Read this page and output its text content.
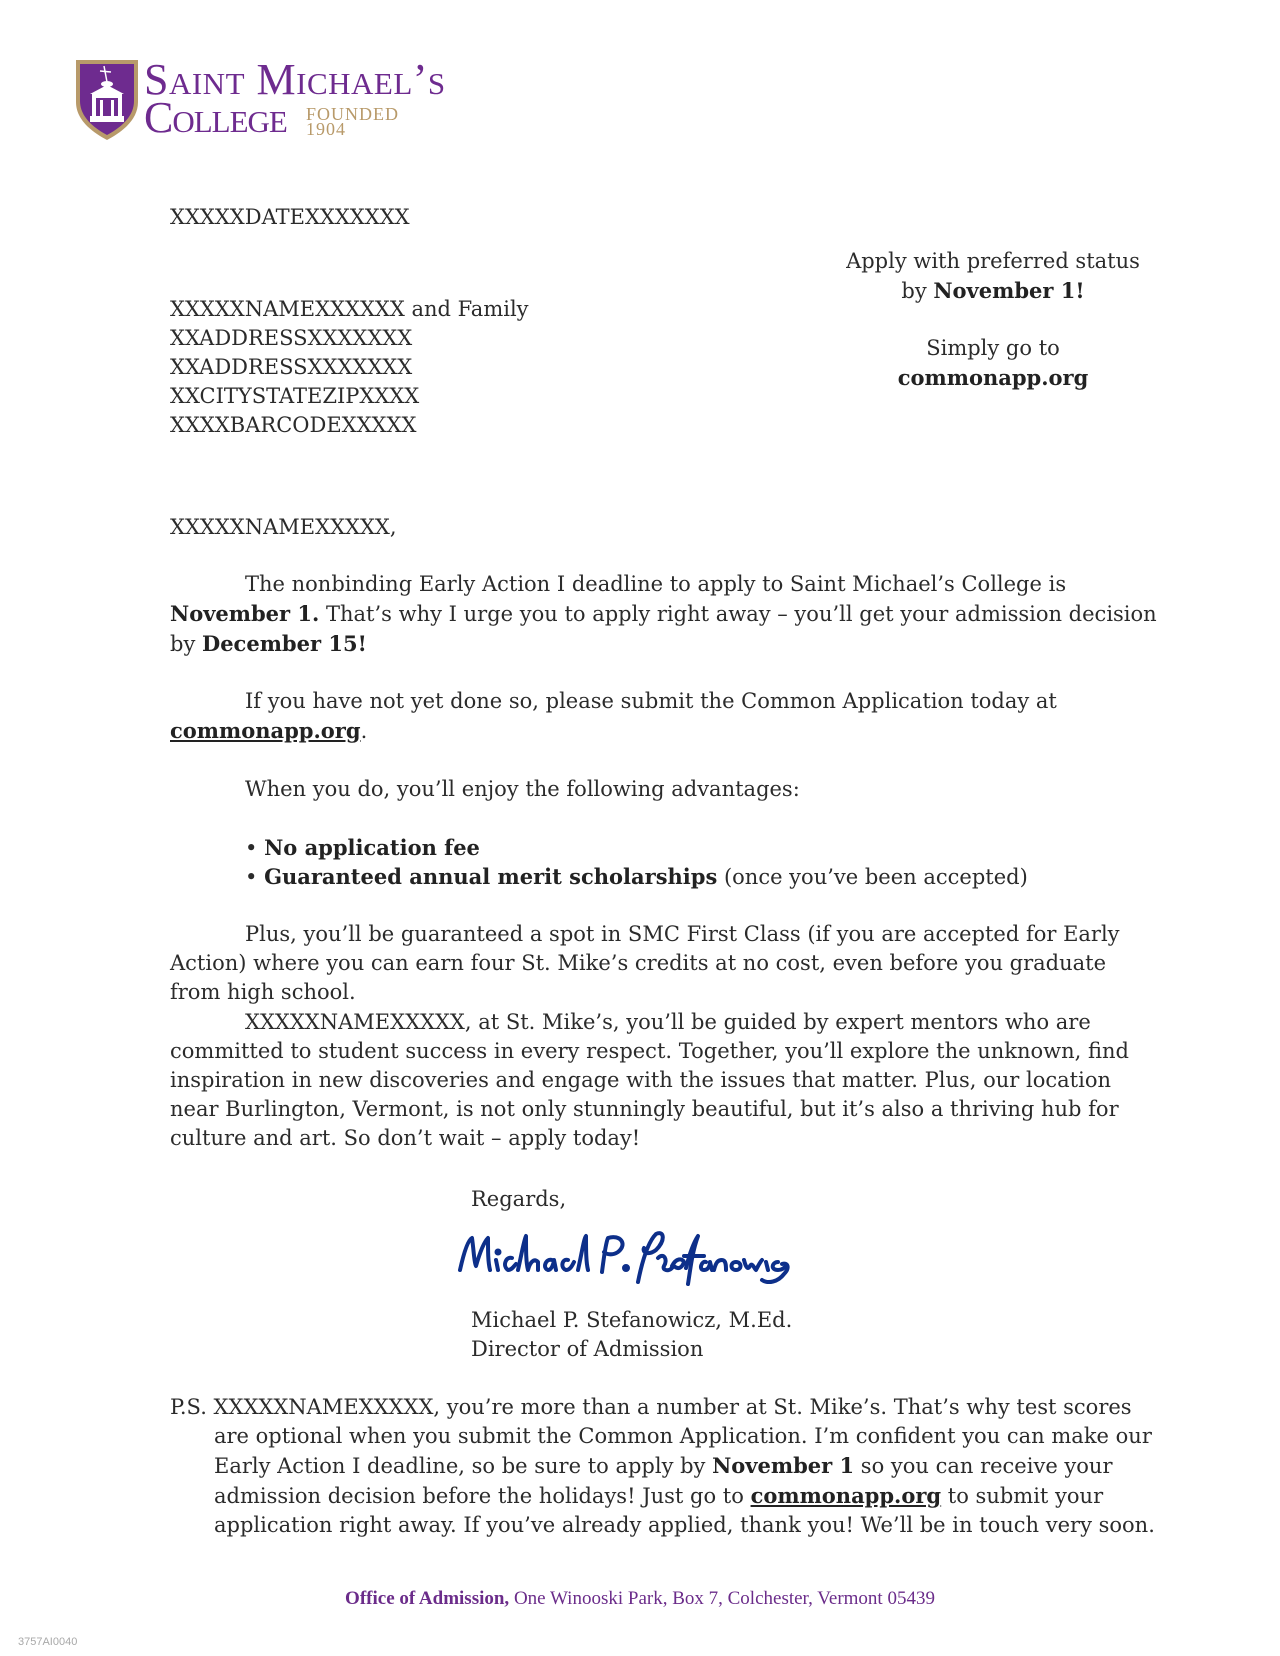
Saint Michael’s
College FOUNDED
1904
XXXXXDATEXXXXXXX
XXXXXNAMEXXXXXX and Family
XXADDRESSXXXXXXX
XXADDRESSXXXXXXX
XXCITYSTATEZIPXXXX
XXXXBARCODEXXXXX
Apply with preferred status
by November 1!
Simply go to
commonapp.org
XXXXXNAMEXXXXX,
The nonbinding Early Action I deadline to apply to Saint Michael’s College is November 1. That’s why I urge you to apply right away – you’ll get your admission decision by December 15!
If you have not yet done so, please submit the Common Application today at commonapp.org.
When you do, you’ll enjoy the following advantages:
• No application fee
• Guaranteed annual merit scholarships (once you’ve been accepted)
Plus, you’ll be guaranteed a spot in SMC First Class (if you are accepted for Early Action) where you can earn four St. Mike’s credits at no cost, even before you graduate from high school.
XXXXXNAMEXXXXX, at St. Mike’s, you’ll be guided by expert mentors who are committed to student success in every respect. Together, you’ll explore the unknown, find inspiration in new discoveries and engage with the issues that matter. Plus, our location near Burlington, Vermont, is not only stunningly beautiful, but it’s also a thriving hub for culture and art. So don’t wait – apply today!
Regards,
Michael P. Stefanowicz, M.Ed.
Director of Admission
P.S. XXXXXNAMEXXXXX, you’re more than a number at St. Mike’s. That’s why test scores are optional when you submit the Common Application. I’m confident you can make our Early Action I deadline, so be sure to apply by November 1 so you can receive your admission decision before the holidays! Just go to commonapp.org to submit your application right away. If you’ve already applied, thank you! We’ll be in touch very soon.
Office of Admission, One Winooski Park, Box 7, Colchester, Vermont 05439
3757AI0040
